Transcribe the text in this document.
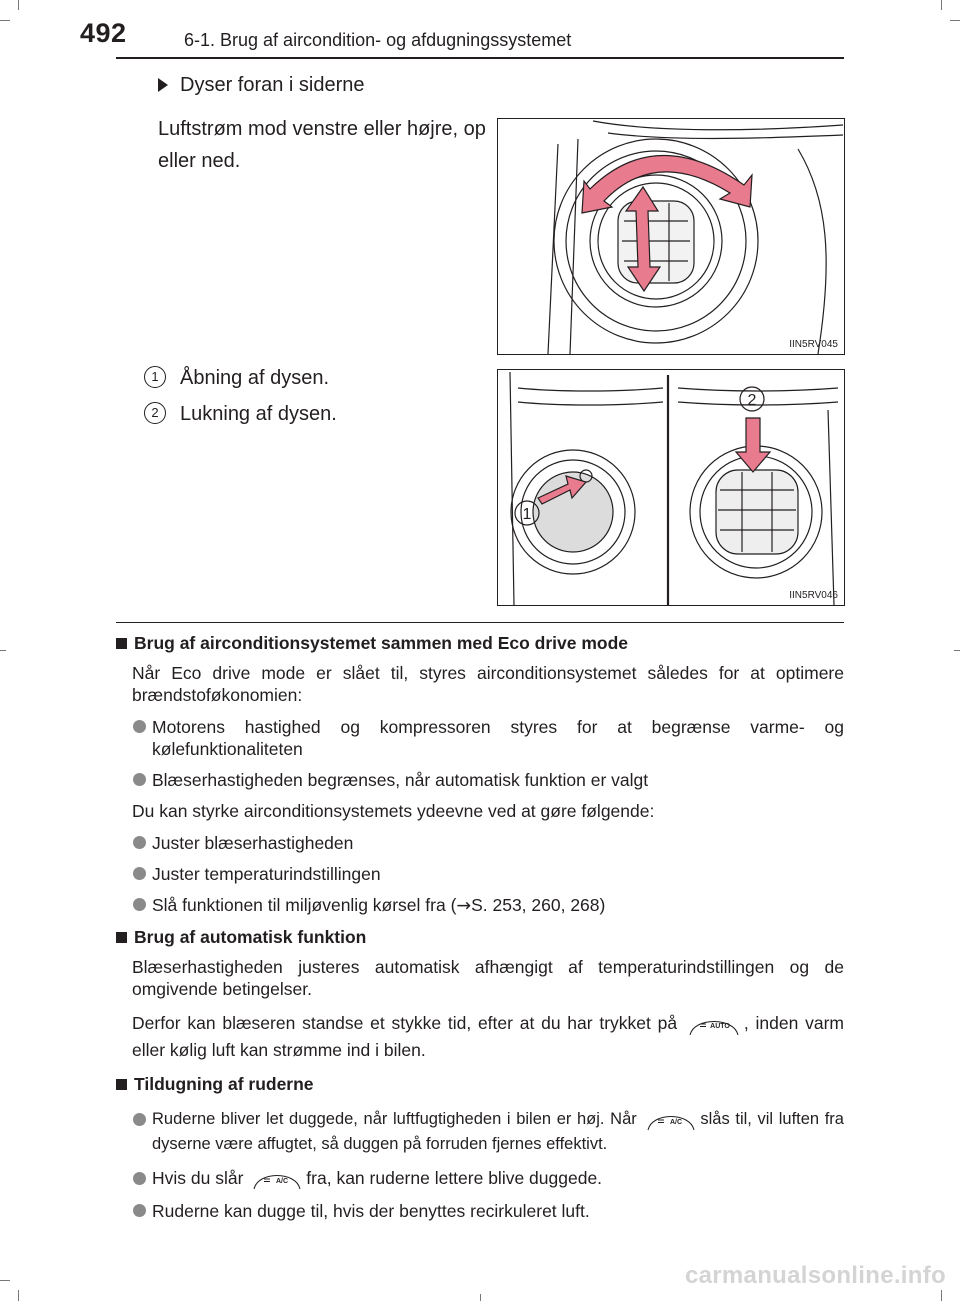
492	6-1. Brug af aircondition- og afdugningssystemet
Dyser foran i siderne
Luftstrøm mod venstre eller højre, op eller ned.
IIN5RV045
1 Åbning af dysen.
2 Lukning af dysen.
1
2
IIN5RV046
Brug af airconditionsystemet sammen med Eco drive mode
Når Eco drive mode er slået til, styres airconditionsystemet således for at optimere brændstoføkonomien:
Motorens hastighed og kompressoren styres for at begrænse varme- og kølefunktionaliteten
Blæserhastigheden begrænses, når automatisk funktion er valgt
Du kan styrke airconditionsystemets ydeevne ved at gøre følgende:
Juster blæserhastigheden
Juster temperaturindstillingen
Slå funktionen til miljøvenlig kørsel fra (→S. 253, 260, 268)
Brug af automatisk funktion
Blæserhastigheden justeres automatisk afhængigt af temperaturindstillingen og de omgivende betingelser.
Derfor kan blæseren standse et stykke tid, efter at du har trykket på	AUTO , inden varm eller kølig luft kan strømme ind i bilen.
Tildugning af ruderne
Ruderne bliver let duggede, når luftfugtigheden i bilen er høj. Når	A/C slås til, vil luften fra dyserne være affugtet, så duggen på forruden fjernes effektivt.
Hvis du slår	A/C fra, kan ruderne lettere blive duggede.
Ruderne kan dugge til, hvis der benyttes recirkuleret luft.
carmanualsonline.info
